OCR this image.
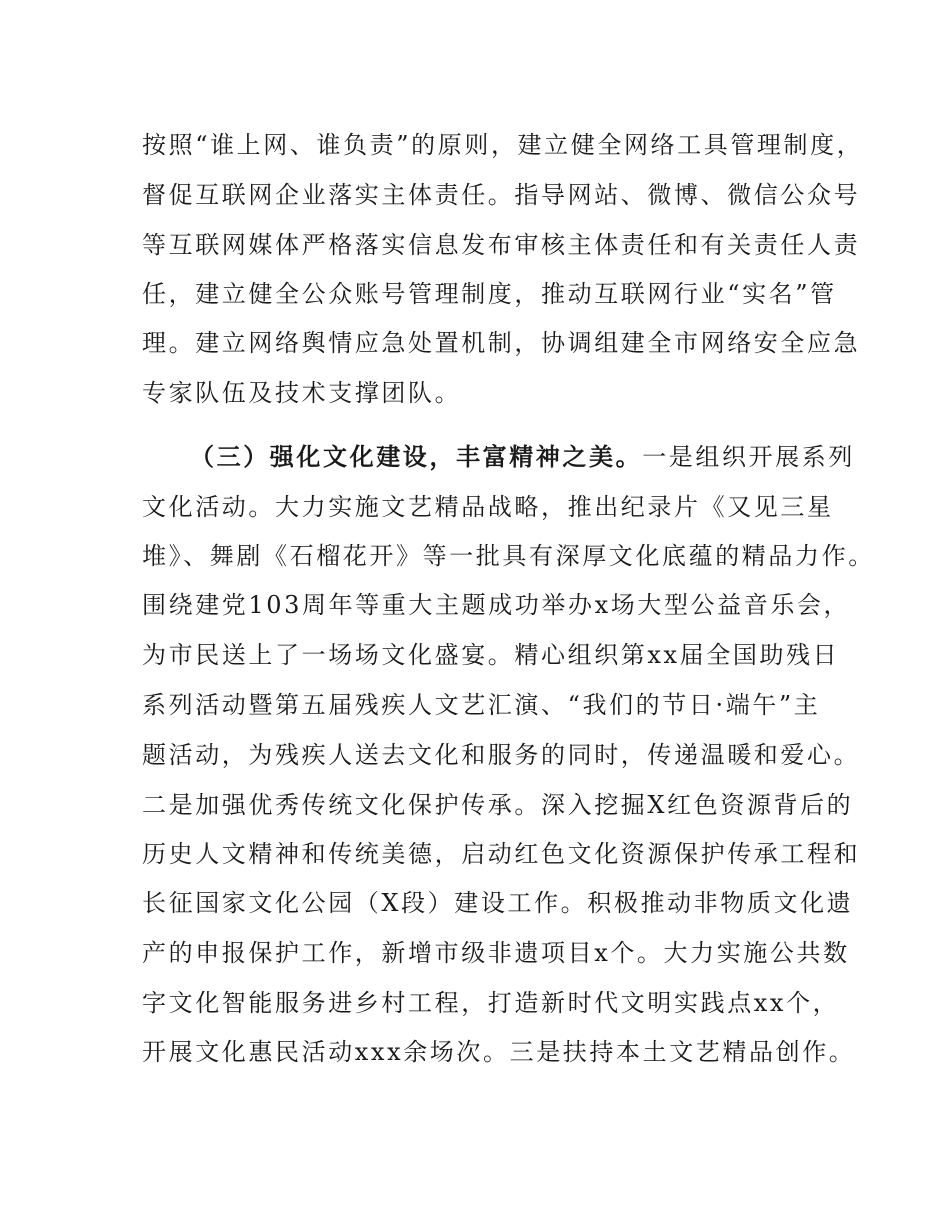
按照“谁上网、谁负责”的原则，建立健全网络工具管理制度，
督促互联网企业落实主体责任。指导网站、微博、微信公众号
等互联网媒体严格落实信息发布审核主体责任和有关责任人责
任，建立健全公众账号管理制度，推动互联网行业“实名”管
理。建立网络舆情应急处置机制，协调组建全市网络安全应急
专家队伍及技术支撑团队。
（三）强化文化建设，丰富精神之美。一是组织开展系列
文化活动。大力实施文艺精品战略，推出纪录片《又见三星
堆》、舞剧《石榴花开》等一批具有深厚文化底蕴的精品力作。
围绕建党103周年等重大主题成功举办x场大型公益音乐会，
为市民送上了一场场文化盛宴。精心组织第xx届全国助残日
系列活动暨第五届残疾人文艺汇演、“我们的节日·端午”主
题活动，为残疾人送去文化和服务的同时，传递温暖和爱心。
二是加强优秀传统文化保护传承。深入挖掘X红色资源背后的
历史人文精神和传统美德，启动红色文化资源保护传承工程和
长征国家文化公园（X段）建设工作。积极推动非物质文化遗
产的申报保护工作，新增市级非遗项目x个。大力实施公共数
字文化智能服务进乡村工程，打造新时代文明实践点xx个，
开展文化惠民活动xxx余场次。三是扶持本土文艺精品创作。
